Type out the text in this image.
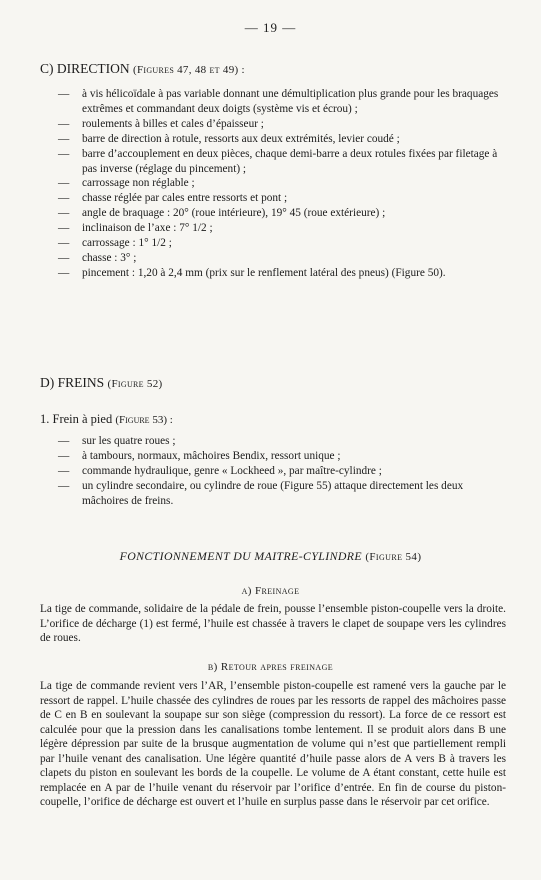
— 19 —
C) DIRECTION (Figures 47, 48 et 49) :
— à vis hélicoïdale à pas variable donnant une démultiplication plus grande pour les braquages extrêmes et commandant deux doigts (système vis et écrou) ;
— roulements à billes et cales d’épaisseur ;
— barre de direction à rotule, ressorts aux deux extrémités, levier coudé ;
— barre d’accouplement en deux pièces, chaque demi-barre a deux rotules fixées par filetage à pas inverse (réglage du pincement) ;
— carrossage non réglable ;
— chasse réglée par cales entre ressorts et pont ;
— angle de braquage : 20° (roue intérieure), 19° 45 (roue extérieure) ;
— inclinaison de l’axe : 7° 1/2 ;
— carrossage : 1° 1/2 ;
— chasse : 3° ;
— pincement : 1,20 à 2,4 mm (prix sur le renflement latéral des pneus) (Figure 50).
D) FREINS (Figure 52)
1. Frein à pied (Figure 53) :
— sur les quatre roues ;
— à tambours, normaux, mâchoires Bendix, ressort unique ;
— commande hydraulique, genre « Lockheed », par maître-cylindre ;
— un cylindre secondaire, ou cylindre de roue (Figure 55) attaque directement les deux mâchoires de freins.
FONCTIONNEMENT DU MAITRE-CYLINDRE (Figure 54)
a) Freinage

La tige de commande, solidaire de la pédale de frein, pousse l’ensemble piston-coupelle vers la droite. L’orifice de décharge (1) est fermé, l’huile est chassée à travers le clapet de soupape vers les cylindres de roues.

b) Retour apres freinage

La tige de commande revient vers l’AR, l’ensemble piston-coupelle est ramené vers la gauche par le ressort de rappel. L’huile chassée des cylindres de roues par les ressorts de rappel des mâchoires passe de C en B en soulevant la soupape sur son siège (compression du ressort). La force de ce ressort est calculée pour que la pression dans les canalisations tombe lentement. Il se produit alors dans B une légère dépression par suite de la brusque augmentation de volume qui n’est que partiellement rempli par l’huile venant des canalisation. Une légère quantité d’huile passe alors de A vers B à travers les clapets du piston en soulevant les bords de la coupelle. Le volume de A étant constant, cette huile est remplacée en A par de l’huile venant du réservoir par l’orifice d’entrée. En fin de course du piston-coupelle, l’orifice de décharge est ouvert et l’huile en surplus passe dans le réservoir par cet orifice.
